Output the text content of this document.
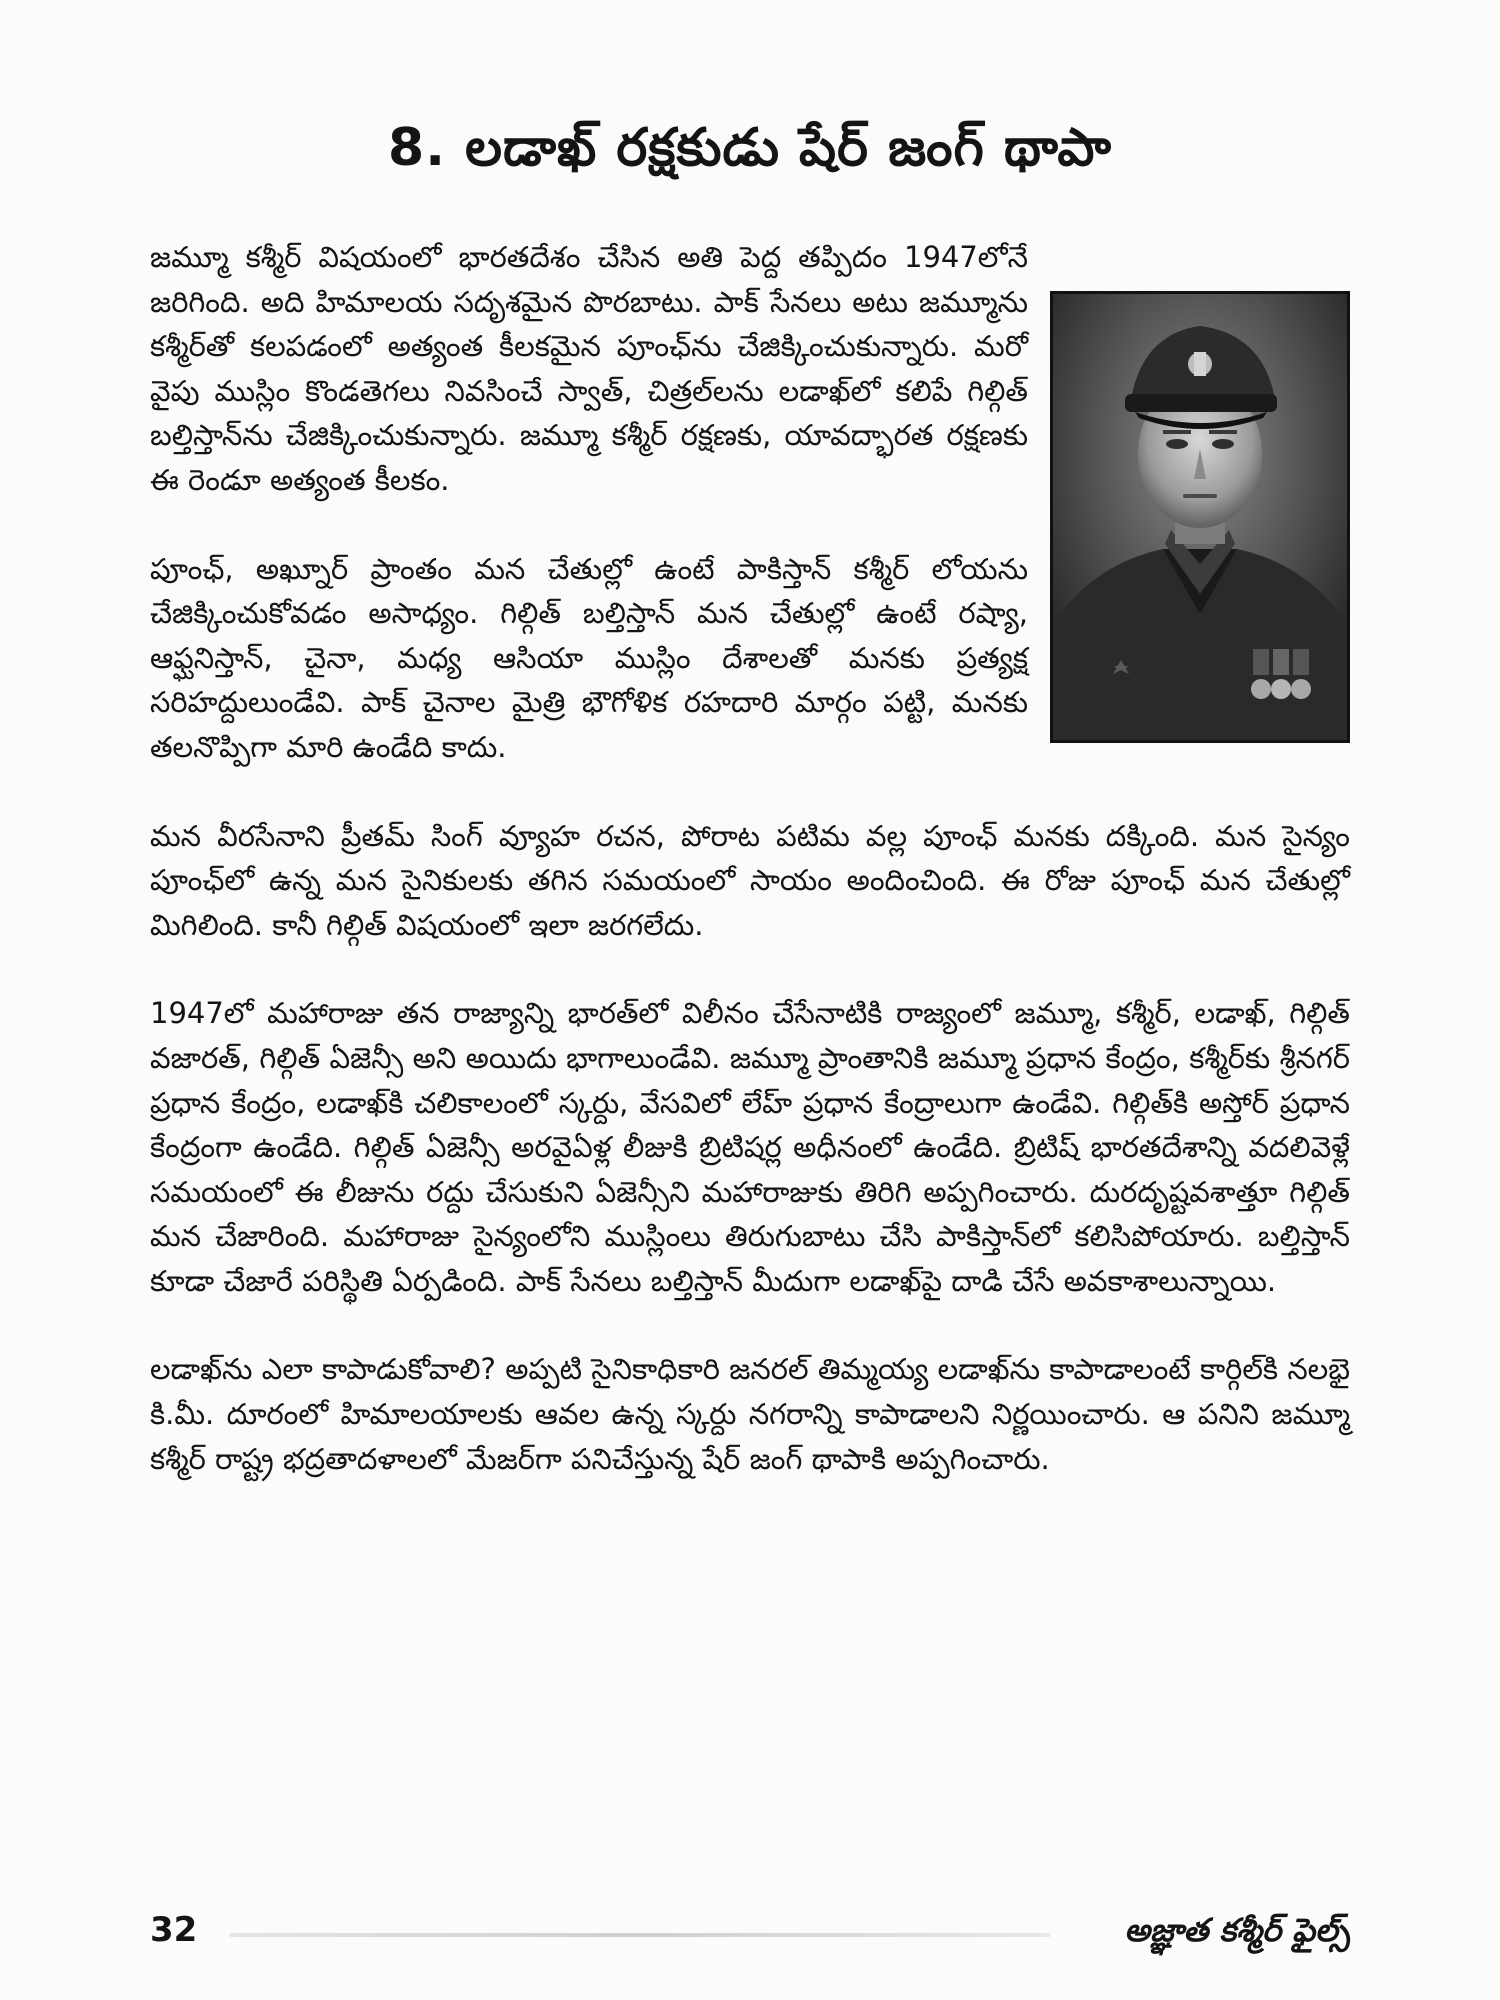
8. లడాఖ్ రక్షకుడు షేర్ జంగ్ థాపా

జమ్మూ కశ్మీర్ విషయంలో భారతదేశం చేసిన అతి పెద్ద తప్పిదం 1947లోనే జరిగింది. అది హిమాలయ సదృశమైన పొరబాటు. పాక్ సేనలు అటు జమ్మూను కశ్మీర్‌తో కలపడంలో అత్యంత కీలకమైన పూంఛ్‌ను చేజిక్కించుకున్నారు. మరో వైపు ముస్లిం కొండతెగలు నివసించే స్వాత్, చిత్రల్‌లను లడాఖ్‌లో కలిపే గిల్గిత్ బల్తిస్తాన్‌ను చేజిక్కించుకున్నారు. జమ్మూ కశ్మీర్ రక్షణకు, యావద్భారత రక్షణకు ఈ రెండూ అత్యంత కీలకం.

పూంఛ్, అఖ్నూర్ ప్రాంతం మన చేతుల్లో ఉంటే పాకిస్తాన్ కశ్మీర్ లోయను చేజిక్కించుకోవడం అసాధ్యం. గిల్గిత్ బల్తిస్తాన్ మన చేతుల్లో ఉంటే రష్యా, ఆఫ్ఘనిస్తాన్, చైనా, మధ్య ఆసియా ముస్లిం దేశాలతో మనకు ప్రత్యక్ష సరిహద్దులుండేవి. పాక్ చైనాల మైత్రి భౌగోళిక రహదారి మార్గం పట్టి, మనకు తలనొప్పిగా మారి ఉండేది కాదు.

మన వీరసేనాని ప్రీతమ్ సింగ్ వ్యూహ రచన, పోరాట పటిమ వల్ల పూంఛ్ మనకు దక్కింది. మన సైన్యం పూంఛ్‌లో ఉన్న మన సైనికులకు తగిన సమయంలో సాయం అందించింది. ఈ రోజు పూంఛ్ మన చేతుల్లో మిగిలింది. కానీ గిల్గిత్ విషయంలో ఇలా జరగలేదు.

1947లో మహారాజు తన రాజ్యాన్ని భారత్‌లో విలీనం చేసేనాటికి రాజ్యంలో జమ్మూ, కశ్మీర్, లడాఖ్, గిల్గిత్ వజారత్, గిల్గిత్ ఏజెన్సీ అని అయిదు భాగాలుండేవి. జమ్మూ ప్రాంతానికి జమ్మూ ప్రధాన కేంద్రం, కశ్మీర్‌కు శ్రీనగర్ ప్రధాన కేంద్రం, లడాఖ్‌కి చలికాలంలో స్కర్దు, వేసవిలో లేహ్ ప్రధాన కేంద్రాలుగా ఉండేవి. గిల్గిత్‌కి అస్తోర్ ప్రధాన కేంద్రంగా ఉండేది. గిల్గిత్ ఏజెన్సీ అరవైఏళ్ల లీజుకి బ్రిటిషర్ల అధీనంలో ఉండేది. బ్రిటిష్ భారతదేశాన్ని వదలివెళ్లే సమయంలో ఈ లీజును రద్దు చేసుకుని ఏజెన్సీని మహారాజుకు తిరిగి అప్పగించారు. దురదృష్టవశాత్తూ గిల్గిత్ మన చేజారింది. మహారాజు సైన్యంలోని ముస్లింలు తిరుగుబాటు చేసి పాకిస్తాన్‌లో కలిసిపోయారు. బల్తిస్తాన్ కూడా చేజారే పరిస్థితి ఏర్పడింది. పాక్ సేనలు బల్తిస్తాన్ మీదుగా లడాఖ్‌పై దాడి చేసే అవకాశాలున్నాయి.

లడాఖ్‌ను ఎలా కాపాడుకోవాలి? అప్పటి సైనికాధికారి జనరల్ తిమ్మయ్య లడాఖ్‌ను కాపాడాలంటే కార్గిల్‌కి నలభై కి.మీ. దూరంలో హిమాలయాలకు ఆవల ఉన్న స్కర్దు నగరాన్ని కాపాడాలని నిర్ణయించారు. ఆ పనిని జమ్మూ కశ్మీర్ రాష్ట్ర భద్రతాదళాలలో మేజర్‌గా పనిచేస్తున్న షేర్ జంగ్ థాపాకి అప్పగించారు.

32	అజ్ఞాత కశ్మీర్ ఫైల్స్
